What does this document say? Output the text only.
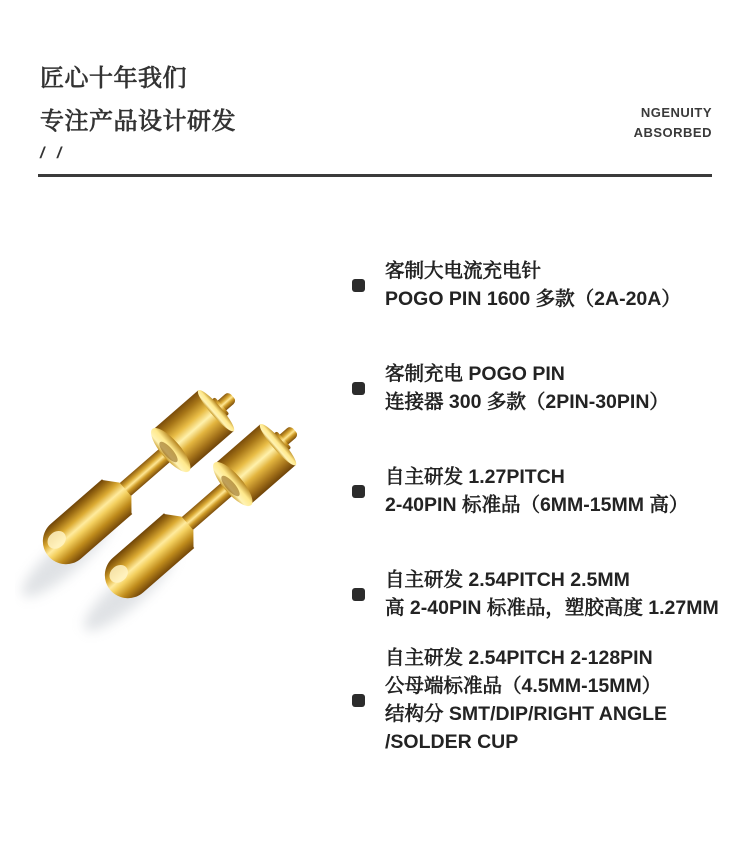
匠心十年我们
专注产品设计研发
/ /
NGENUITY
ABSORBED
客制大电流充电针
POGO PIN 1600 多款（2A-20A）
客制充电 POGO PIN
连接器 300 多款（2PIN-30PIN）
自主研发 1.27PITCH
2-40PIN 标准品（6MM-15MM 高）
自主研发 2.54PITCH 2.5MM
高 2-40PIN 标准品，塑胶高度 1.27MM
自主研发 2.54PITCH 2-128PIN
公母端标准品（4.5MM-15MM）
结构分 SMT/DIP/RIGHT ANGLE
/SOLDER CUP
